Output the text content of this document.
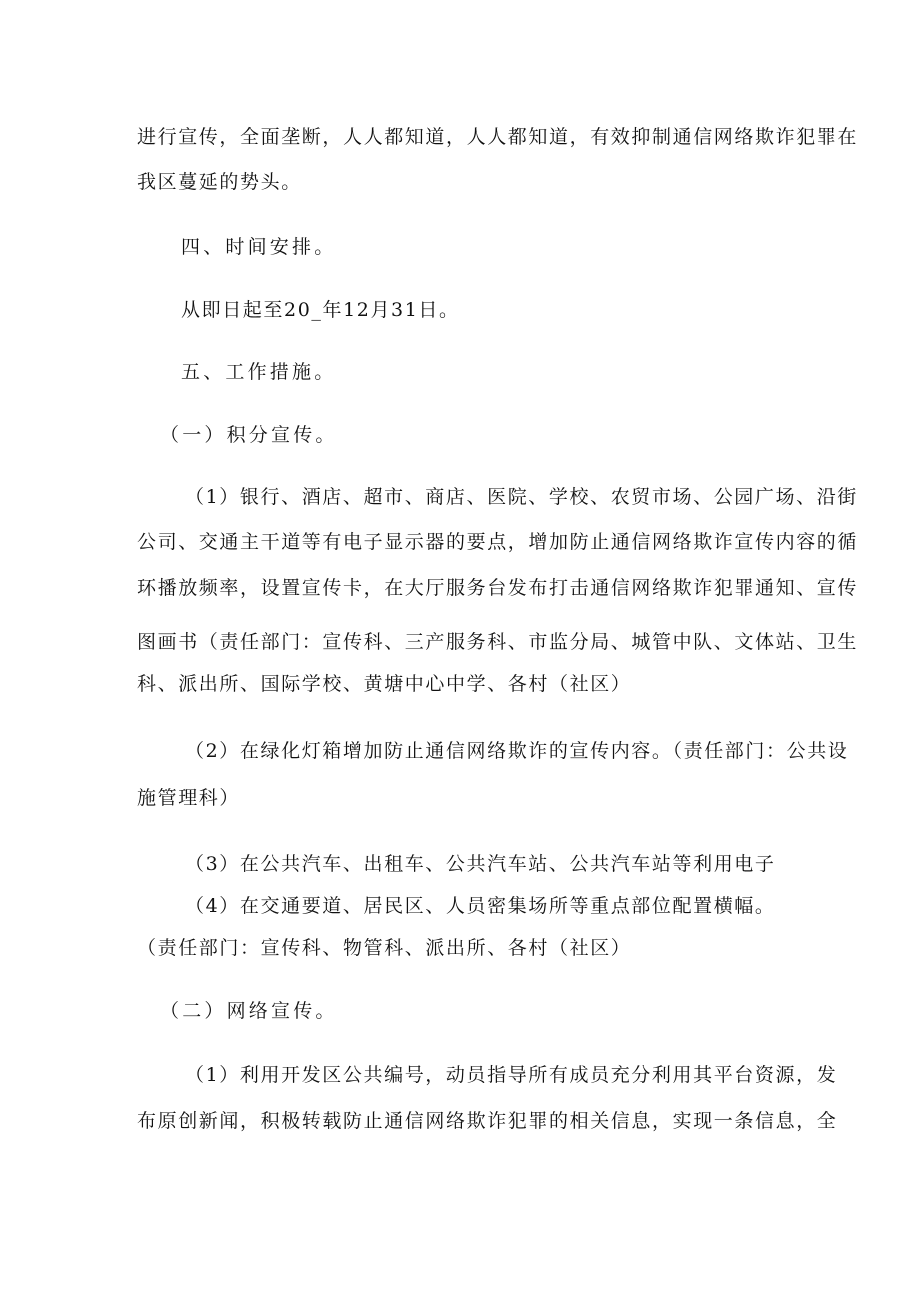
进行宣传，全面垄断，人人都知道，人人都知道，有效抑制通信网络欺诈犯罪在

我区蔓延的势头。

四、时间安排。

从即日起至20_年12月31日。

五、工作措施。

（一）积分宣传。

（1）银行、酒店、超市、商店、医院、学校、农贸市场、公园广场、沿街

公司、交通主干道等有电子显示器的要点，增加防止通信网络欺诈宣传内容的循

环播放频率，设置宣传卡，在大厅服务台发布打击通信网络欺诈犯罪通知、宣传

图画书（责任部门：宣传科、三产服务科、市监分局、城管中队、文体站、卫生

科、派出所、国际学校、黄塘中心中学、各村（社区）

（2）在绿化灯箱增加防止通信网络欺诈的宣传内容。（责任部门：公共设

施管理科）

（3）在公共汽车、出租车、公共汽车站、公共汽车站等利用电子

（4）在交通要道、居民区、人员密集场所等重点部位配置横幅。

（责任部门：宣传科、物管科、派出所、各村（社区）

（二）网络宣传。

（1）利用开发区公共编号，动员指导所有成员充分利用其平台资源，发

布原创新闻，积极转载防止通信网络欺诈犯罪的相关信息，实现一条信息，全
